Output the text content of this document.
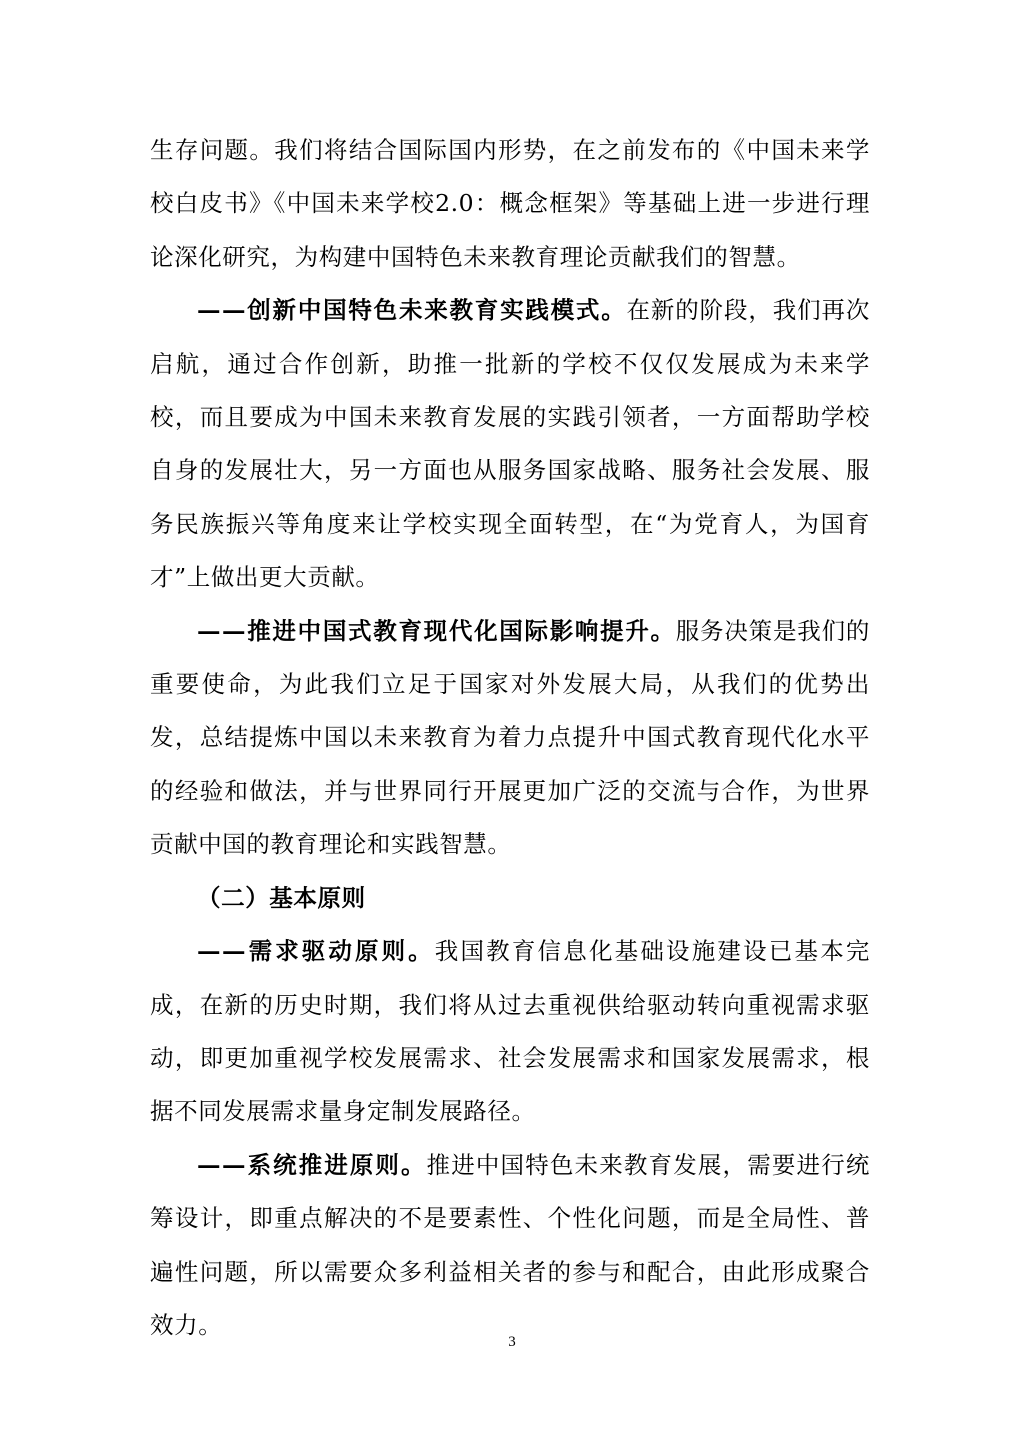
生存问题。我们将结合国际国内形势，在之前发布的《中国未来学校白皮书》《中国未来学校2.0：概念框架》等基础上进一步进行理论深化研究，为构建中国特色未来教育理论贡献我们的智慧。

——创新中国特色未来教育实践模式。在新的阶段，我们再次启航，通过合作创新，助推一批新的学校不仅仅发展成为未来学校，而且要成为中国未来教育发展的实践引领者，一方面帮助学校自身的发展壮大，另一方面也从服务国家战略、服务社会发展、服务民族振兴等角度来让学校实现全面转型，在“为党育人，为国育才”上做出更大贡献。

——推进中国式教育现代化国际影响提升。服务决策是我们的重要使命，为此我们立足于国家对外发展大局，从我们的优势出发，总结提炼中国以未来教育为着力点提升中国式教育现代化水平的经验和做法，并与世界同行开展更加广泛的交流与合作，为世界贡献中国的教育理论和实践智慧。

（二）基本原则

——需求驱动原则。我国教育信息化基础设施建设已基本完成，在新的历史时期，我们将从过去重视供给驱动转向重视需求驱动，即更加重视学校发展需求、社会发展需求和国家发展需求，根据不同发展需求量身定制发展路径。

——系统推进原则。推进中国特色未来教育发展，需要进行统筹设计，即重点解决的不是要素性、个性化问题，而是全局性、普遍性问题，所以需要众多利益相关者的参与和配合，由此形成聚合效力。

3
